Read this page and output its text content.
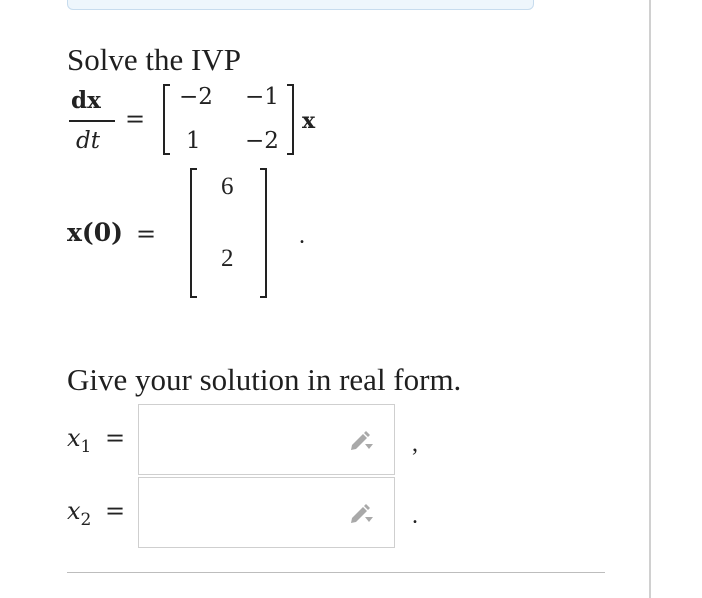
Solve the IVP
dx
dt
=
−2 −1
1 −2
x
x(0) =
6
2
.
Give your solution in real form.
$x_1$ =	,
$x_2$ =	.
